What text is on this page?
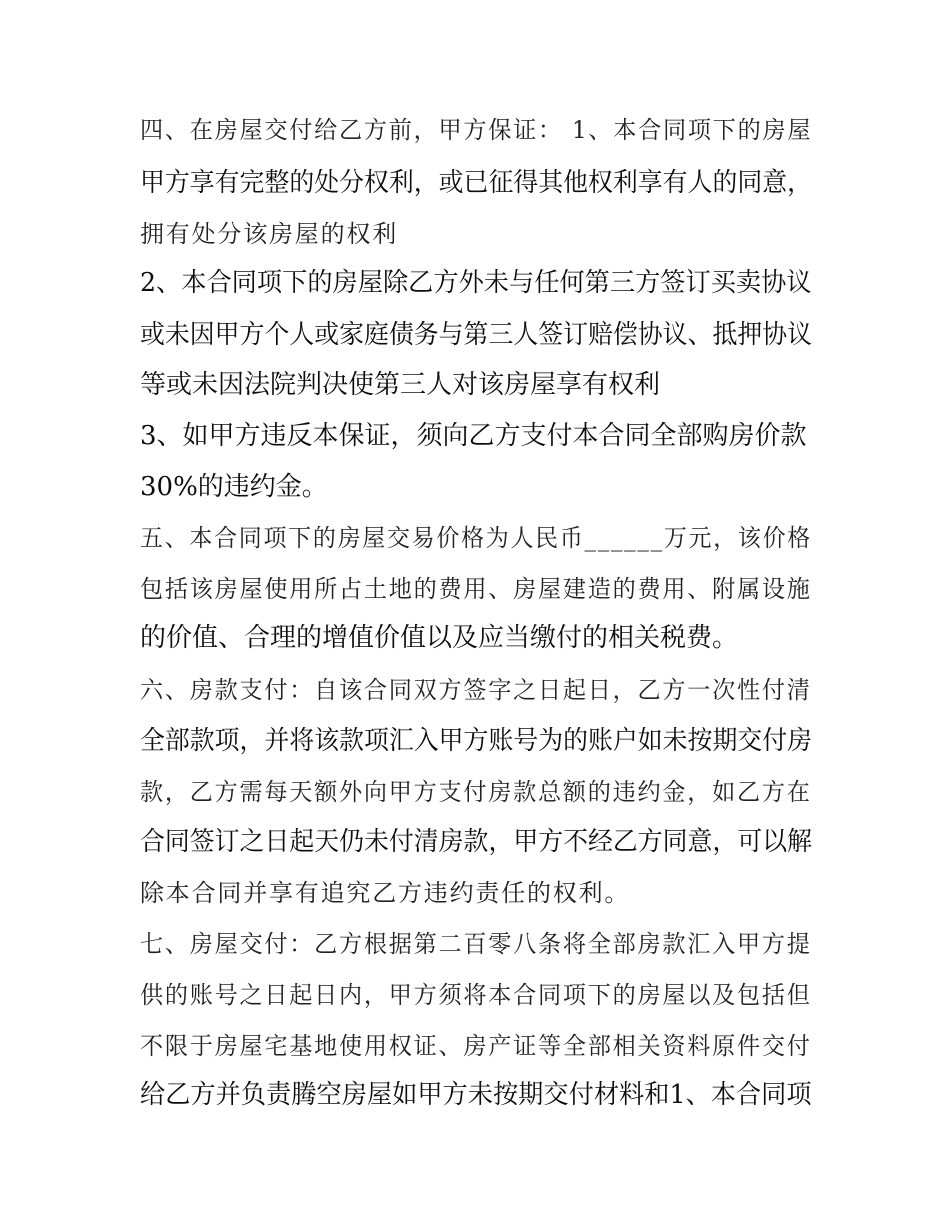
四、在房屋交付给乙方前，甲方保证： 1、本合同项下的房屋
甲方享有完整的处分权利，或已征得其他权利享有人的同意，
拥有处分该房屋的权利
2、本合同项下的房屋除乙方外未与任何第三方签订买卖协议
或未因甲方个人或家庭债务与第三人签订赔偿协议、抵押协议
等或未因法院判决使第三人对该房屋享有权利
3、如甲方违反本保证，须向乙方支付本合同全部购房价款
30%的违约金。
五、本合同项下的房屋交易价格为人民币______万元，该价格
包括该房屋使用所占土地的费用、房屋建造的费用、附属设施
的价值、合理的增值价值以及应当缴付的相关税费。
六、房款支付：自该合同双方签字之日起日，乙方一次性付清
全部款项，并将该款项汇入甲方账号为的账户如未按期交付房
款，乙方需每天额外向甲方支付房款总额的违约金，如乙方在
合同签订之日起天仍未付清房款，甲方不经乙方同意，可以解
除本合同并享有追究乙方违约责任的权利。
七、房屋交付：乙方根据第二百零八条将全部房款汇入甲方提
供的账号之日起日内，甲方须将本合同项下的房屋以及包括但
不限于房屋宅基地使用权证、房产证等全部相关资料原件交付
给乙方并负责腾空房屋如甲方未按期交付材料和1、本合同项
